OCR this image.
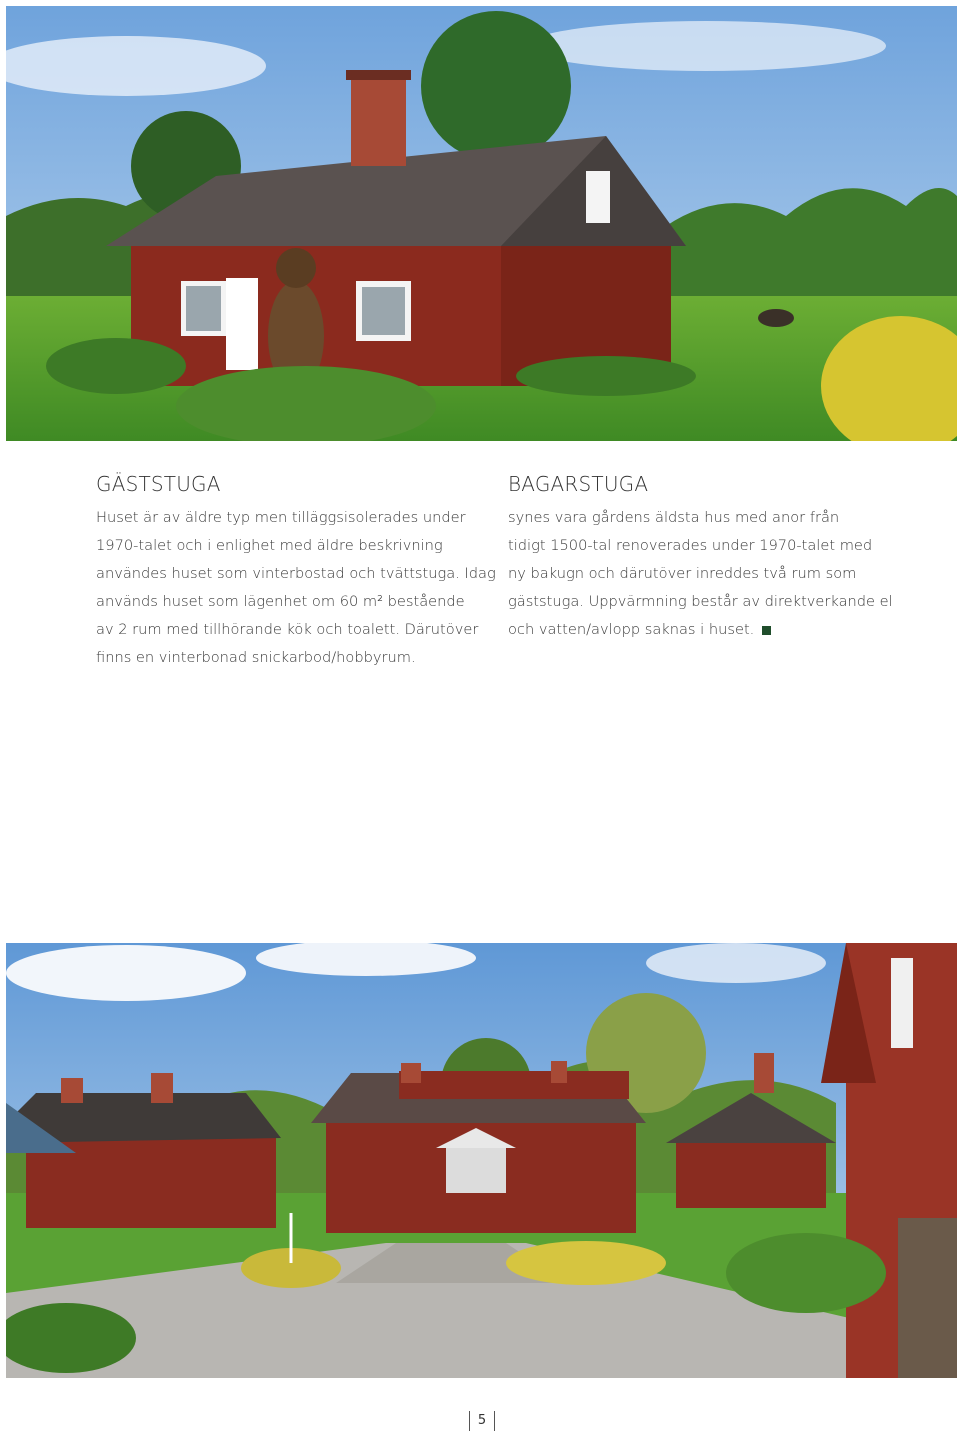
GÄSTSTUGA
Huset är av äldre typ men tilläggsisolerades under
1970-talet och i enlighet med äldre beskrivning
användes huset som vinterbostad och tvättstuga. Idag
används huset som lägenhet om 60 m² bestående
av 2 rum med tillhörande kök och toalett. Därutöver
finns en vinterbonad snickarbod/hobbyrum.
BAGARSTUGA
synes vara gårdens äldsta hus med anor från
tidigt 1500-tal renoverades under 1970-talet med
ny bakugn och därutöver inreddes två rum som
gäststuga. Uppvärmning består av direktverkande el
och vatten/avlopp saknas i huset.
5
